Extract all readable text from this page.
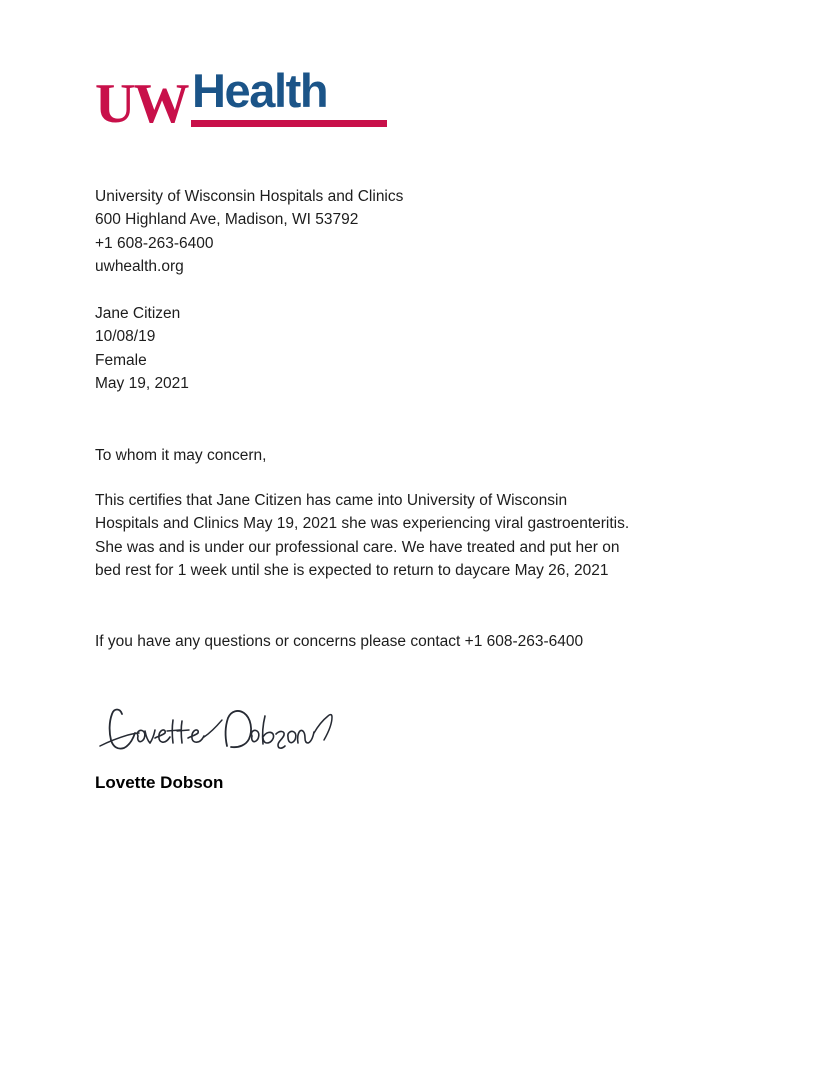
UW Health
University of Wisconsin Hospitals and Clinics
600 Highland Ave, Madison, WI 53792
+1 608-263-6400
uwhealth.org
Jane Citizen
10/08/19
Female
May 19, 2021
To whom it may concern,
This certifies that Jane Citizen has came into University of Wisconsin
Hospitals and Clinics May 19, 2021 she was experiencing viral gastroenteritis.
She was and is under our professional care. We have treated and put her on
bed rest for 1 week until she is expected to return to daycare May 26, 2021
If you have any questions or concerns please contact +1 608-263-6400
Lovette Dobson
